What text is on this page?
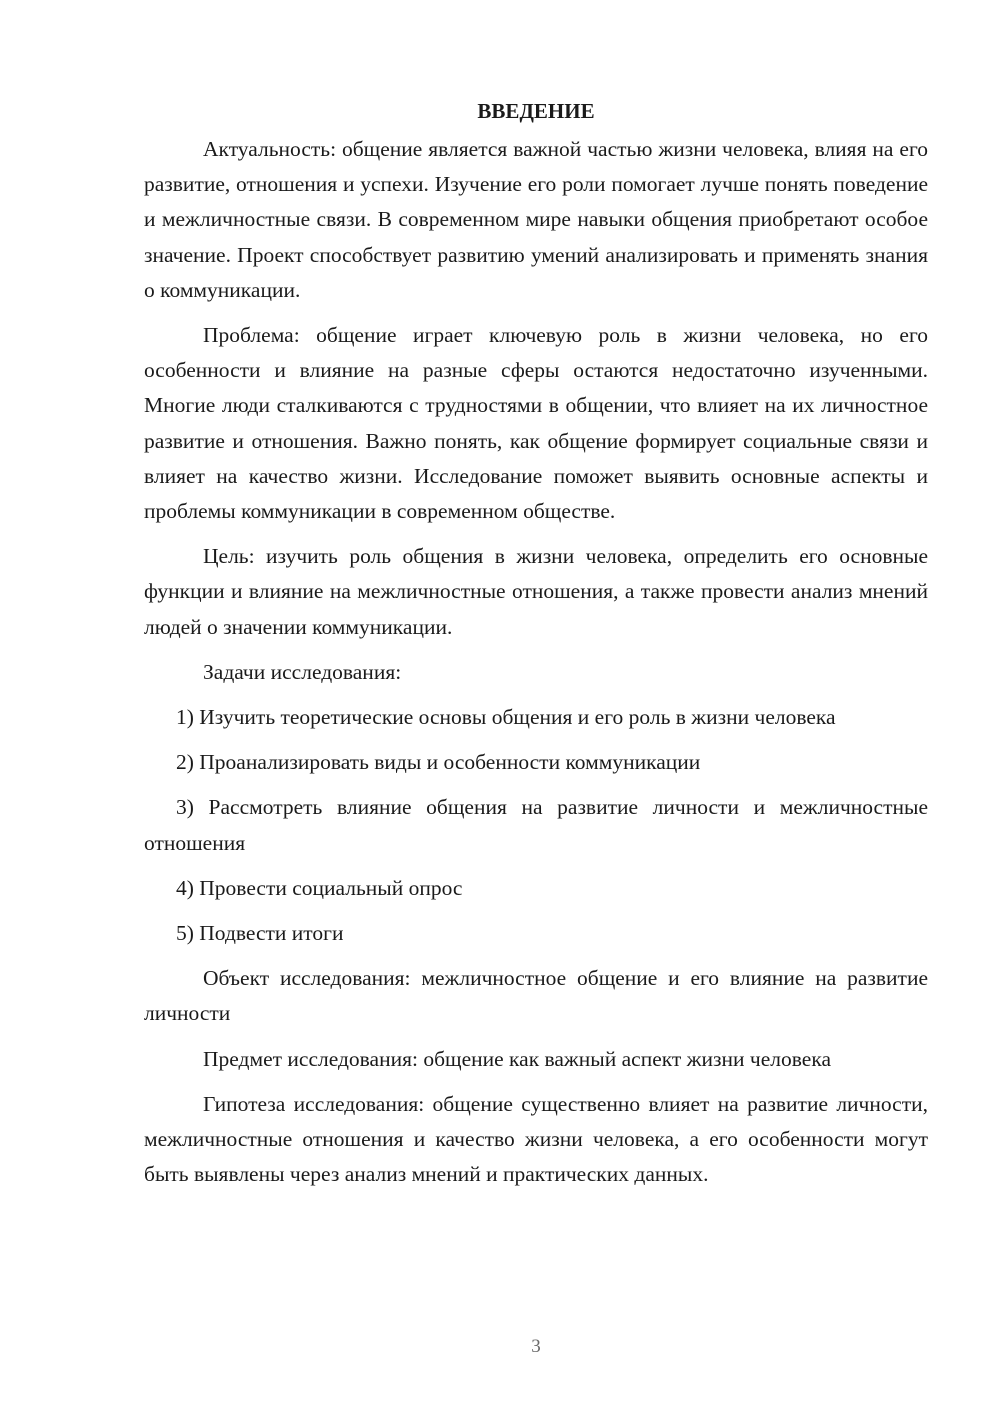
ВВЕДЕНИЕ

Актуальность: общение является важной частью жизни человека, влияя на его развитие, отношения и успехи. Изучение его роли помогает лучше понять поведение и межличностные связи. В современном мире навыки общения приобретают особое значение. Проект способствует развитию умений анализировать и применять знания о коммуникации.

Проблема: общение играет ключевую роль в жизни человека, но его особенности и влияние на разные сферы остаются недостаточно изученными. Многие люди сталкиваются с трудностями в общении, что влияет на их личностное развитие и отношения. Важно понять, как общение формирует социальные связи и влияет на качество жизни. Исследование поможет выявить основные аспекты и проблемы коммуникации в современном обществе.

Цель: изучить роль общения в жизни человека, определить его основные функции и влияние на межличностные отношения, а также провести анализ мнений людей о значении коммуникации.

Задачи исследования:

1) Изучить теоретические основы общения и его роль в жизни человека

2) Проанализировать виды и особенности коммуникации

3) Рассмотреть влияние общения на развитие личности и межличностные отношения

4) Провести социальный опрос

5) Подвести итоги

Объект исследования: межличностное общение и его влияние на развитие личности

Предмет исследования: общение как важный аспект жизни человека

Гипотеза исследования: общение существенно влияет на развитие личности, межличностные отношения и качество жизни человека, а его особенности могут быть выявлены через анализ мнений и практических данных.

3
